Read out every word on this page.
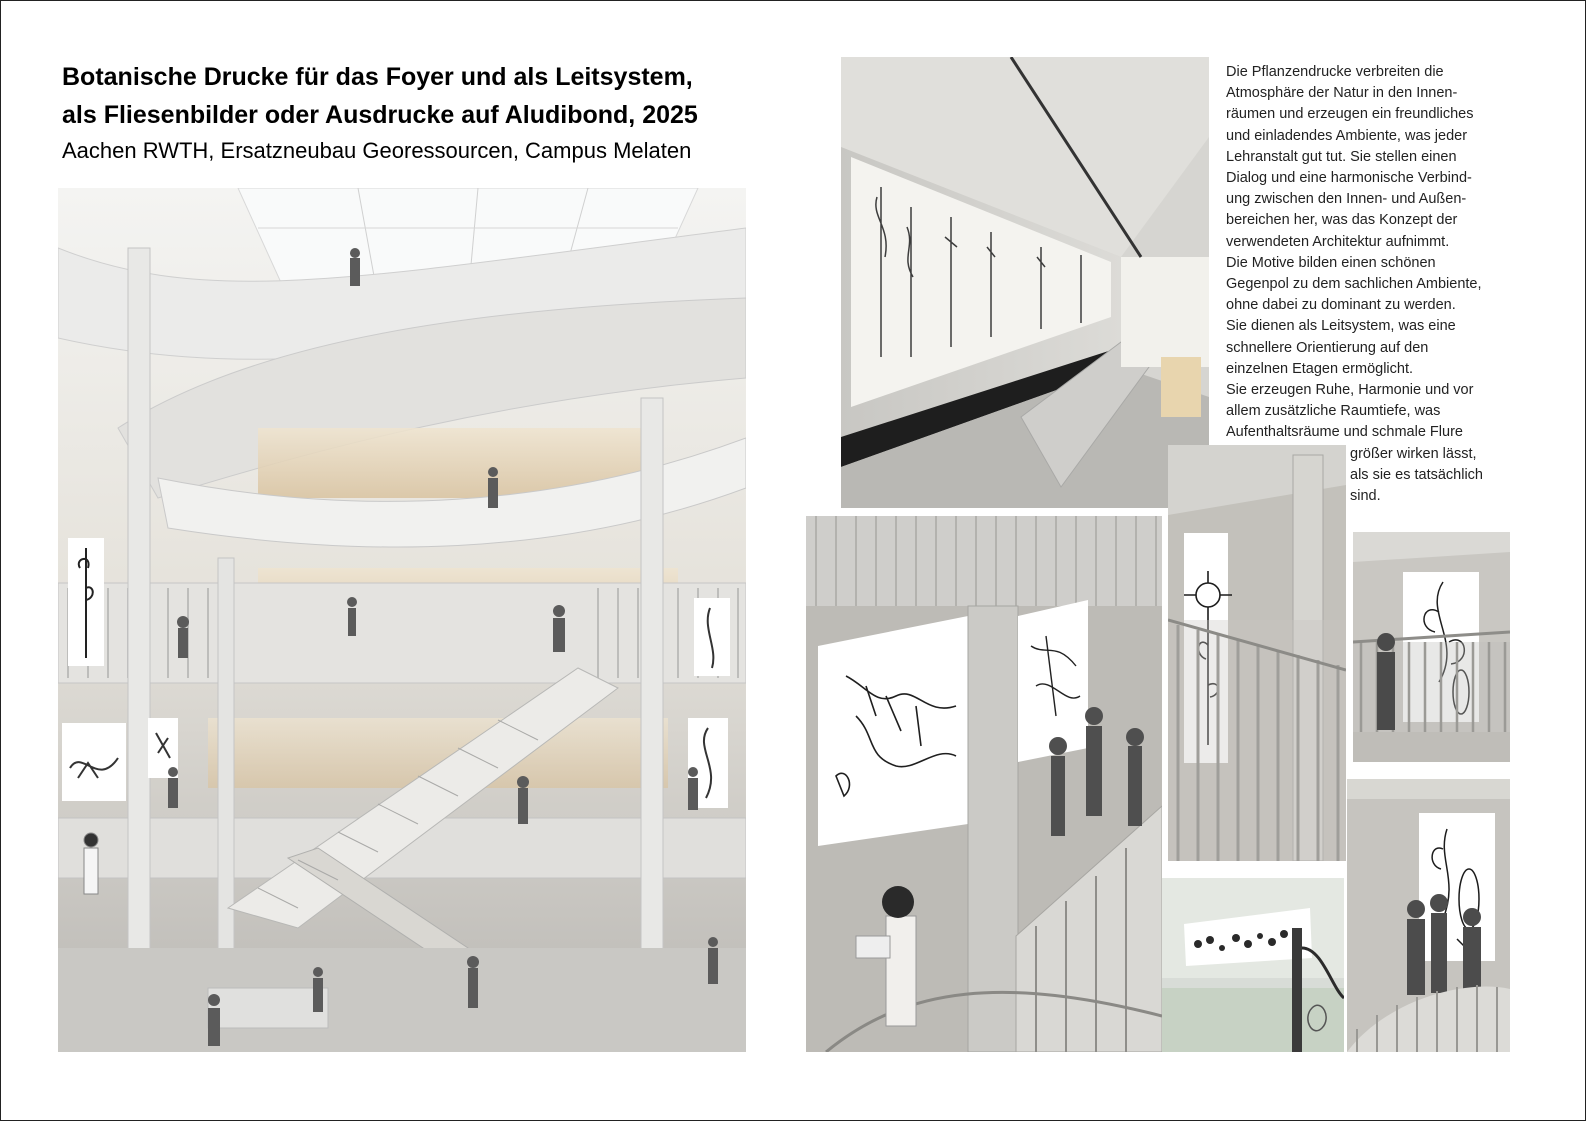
Botanische Drucke für das Foyer und als Leitsystem,
als Fliesenbilder oder Ausdrucke auf Aludibond, 2025
Aachen RWTH, Ersatzneubau Georessourcen, Campus Melaten
Die Pflanzendrucke verbreiten die
Atmosphäre der Natur in den Innen-
räumen und erzeugen ein freundliches
und einladendes Ambiente, was jeder
Lehranstalt gut tut. Sie stellen einen
Dialog und eine harmonische Verbind-
ung zwischen den Innen- und Außen-
bereichen her, was das Konzept der
verwendeten Architektur aufnimmt.
Die Motive bilden einen schönen
Gegenpol zu dem sachlichen Ambiente,
ohne dabei zu dominant zu werden.
Sie dienen als Leitsystem, was eine
schnellere Orientierung auf den
einzelnen Etagen ermöglicht.
Sie erzeugen Ruhe, Harmonie und vor
allem zusätzliche Raumtiefe, was
Aufenthaltsräume und schmale Flure
größer wirken lässt,
als sie es tatsächlich
sind.
